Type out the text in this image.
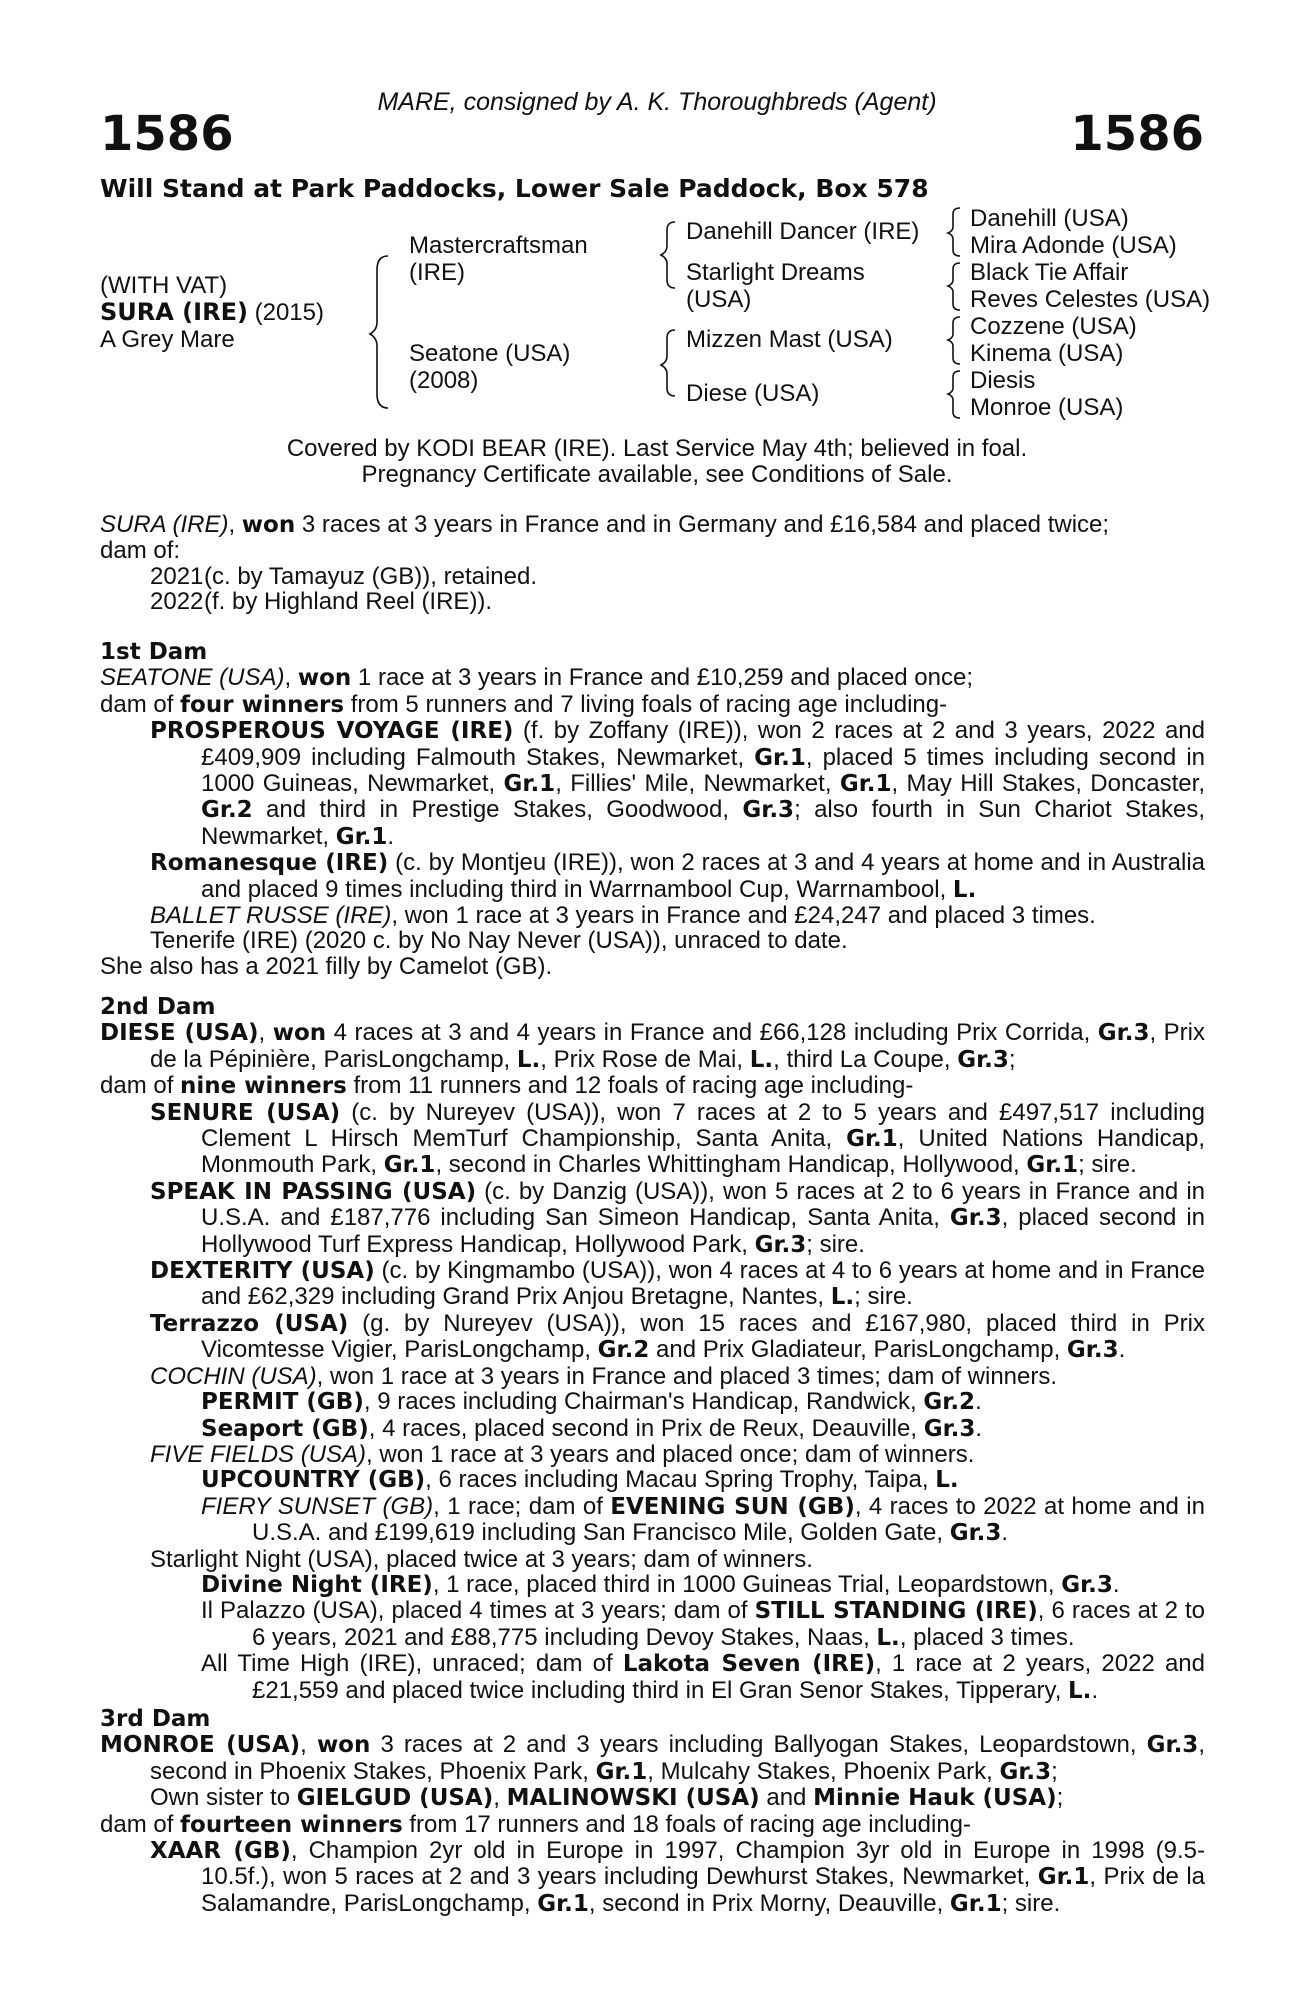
MARE, consigned by A. K. Thoroughbreds (Agent)
1586	1586
Will Stand at Park Paddocks, Lower Sale Paddock, Box 578
(WITH VAT)
SURA (IRE) (2015)
A Grey Mare
Mastercraftsman
(IRE)
Seatone (USA)
(2008)
Danehill Dancer (IRE)
Starlight Dreams
(USA)
Mizzen Mast (USA)
Diese (USA)
Danehill (USA)
Mira Adonde (USA)
Black Tie Affair
Reves Celestes (USA)
Cozzene (USA)
Kinema (USA)
Diesis
Monroe (USA)
Covered by KODI BEAR (IRE). Last Service May 4th; believed in foal.
Pregnancy Certificate available, see Conditions of Sale.

SURA (IRE), won 3 races at 3 years in France and in Germany and £16,584 and placed twice;

dam of:

2021 (c. by Tamayuz (GB)), retained.

2022 (f. by Highland Reel (IRE)).

1st Dam

SEATONE (USA), won 1 race at 3 years in France and £10,259 and placed once;

dam of four winners from 5 runners and 7 living foals of racing age including-

PROSPEROUS VOYAGE (IRE) (f. by Zoffany (IRE)), won 2 races at 2 and 3 years, 2022 and £409,909 including Falmouth Stakes, Newmarket, Gr.1, placed 5 times including second in 1000 Guineas, Newmarket, Gr.1, Fillies' Mile, Newmarket, Gr.1, May Hill Stakes, Doncaster, Gr.2 and third in Prestige Stakes, Goodwood, Gr.3; also fourth in Sun Chariot Stakes, Newmarket, Gr.1.

Romanesque (IRE) (c. by Montjeu (IRE)), won 2 races at 3 and 4 years at home and in Australia and placed 9 times including third in Warrnambool Cup, Warrnambool, L.

BALLET RUSSE (IRE), won 1 race at 3 years in France and £24,247 and placed 3 times.

Tenerife (IRE) (2020 c. by No Nay Never (USA)), unraced to date.

She also has a 2021 filly by Camelot (GB).

2nd Dam

DIESE (USA), won 4 races at 3 and 4 years in France and £66,128 including Prix Corrida, Gr.3, Prix de la Pépinière, ParisLongchamp, L., Prix Rose de Mai, L., third La Coupe, Gr.3;

dam of nine winners from 11 runners and 12 foals of racing age including-

SENURE (USA) (c. by Nureyev (USA)), won 7 races at 2 to 5 years and £497,517 including Clement L Hirsch MemTurf Championship, Santa Anita, Gr.1, United Nations Handicap, Monmouth Park, Gr.1, second in Charles Whittingham Handicap, Hollywood, Gr.1; sire.

SPEAK IN PASSING (USA) (c. by Danzig (USA)), won 5 races at 2 to 6 years in France and in U.S.A. and £187,776 including San Simeon Handicap, Santa Anita, Gr.3, placed second in Hollywood Turf Express Handicap, Hollywood Park, Gr.3; sire.

DEXTERITY (USA) (c. by Kingmambo (USA)), won 4 races at 4 to 6 years at home and in France and £62,329 including Grand Prix Anjou Bretagne, Nantes, L.; sire.

Terrazzo (USA) (g. by Nureyev (USA)), won 15 races and £167,980, placed third in Prix Vicomtesse Vigier, ParisLongchamp, Gr.2 and Prix Gladiateur, ParisLongchamp, Gr.3.

COCHIN (USA), won 1 race at 3 years in France and placed 3 times; dam of winners.

PERMIT (GB), 9 races including Chairman's Handicap, Randwick, Gr.2.

Seaport (GB), 4 races, placed second in Prix de Reux, Deauville, Gr.3.

FIVE FIELDS (USA), won 1 race at 3 years and placed once; dam of winners.

UPCOUNTRY (GB), 6 races including Macau Spring Trophy, Taipa, L.

FIERY SUNSET (GB), 1 race; dam of EVENING SUN (GB), 4 races to 2022 at home and in U.S.A. and £199,619 including San Francisco Mile, Golden Gate, Gr.3.

Starlight Night (USA), placed twice at 3 years; dam of winners.

Divine Night (IRE), 1 race, placed third in 1000 Guineas Trial, Leopardstown, Gr.3.

Il Palazzo (USA), placed 4 times at 3 years; dam of STILL STANDING (IRE), 6 races at 2 to 6 years, 2021 and £88,775 including Devoy Stakes, Naas, L., placed 3 times.

All Time High (IRE), unraced; dam of Lakota Seven (IRE), 1 race at 2 years, 2022 and £21,559 and placed twice including third in El Gran Senor Stakes, Tipperary, L..

3rd Dam

MONROE (USA), won 3 races at 2 and 3 years including Ballyogan Stakes, Leopardstown, Gr.3, second in Phoenix Stakes, Phoenix Park, Gr.1, Mulcahy Stakes, Phoenix Park, Gr.3;

Own sister to GIELGUD (USA), MALINOWSKI (USA) and Minnie Hauk (USA);

dam of fourteen winners from 17 runners and 18 foals of racing age including-

XAAR (GB), Champion 2yr old in Europe in 1997, Champion 3yr old in Europe in 1998 (9.5-10.5f.), won 5 races at 2 and 3 years including Dewhurst Stakes, Newmarket, Gr.1, Prix de la Salamandre, ParisLongchamp, Gr.1, second in Prix Morny, Deauville, Gr.1; sire.
